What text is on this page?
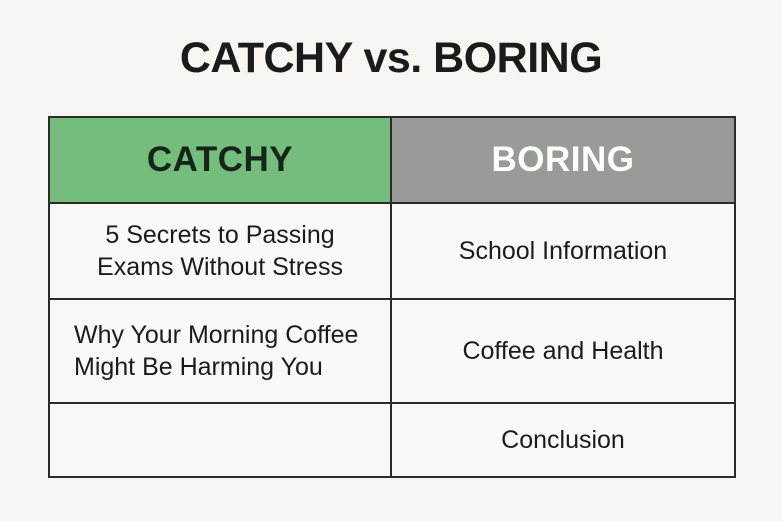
CATCHY vs. BORING
CATCHY	BORING

5 Secrets to Passing Exams Without Stress	School Information

Why Your Morning Coffee Might Be Harming You	Coffee and Health

	Conclusion
